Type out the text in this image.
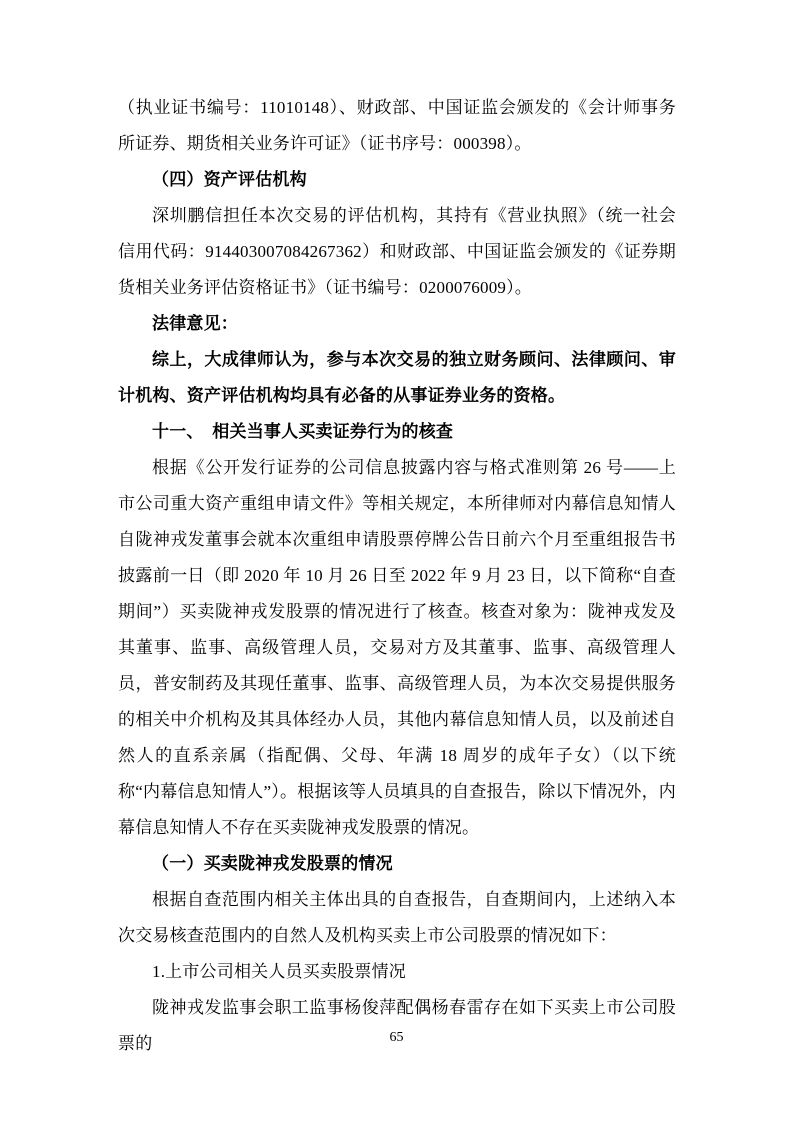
（执业证书编号：11010148）、财政部、中国证监会颁发的《会计师事务所证券、期货相关业务许可证》（证书序号：000398）。

（四）资产评估机构

深圳鹏信担任本次交易的评估机构，其持有《营业执照》（统一社会信用代码：914403007084267362）和财政部、中国证监会颁发的《证券期货相关业务评估资格证书》（证书编号：0200076009）。

法律意见：

综上，大成律师认为，参与本次交易的独立财务顾问、法律顾问、审计机构、资产评估机构均具有必备的从事证券业务的资格。

十一、　相关当事人买卖证券行为的核查

根据《公开发行证券的公司信息披露内容与格式准则第 26 号——上市公司重大资产重组申请文件》等相关规定，本所律师对内幕信息知情人自陇神戎发董事会就本次重组申请股票停牌公告日前六个月至重组报告书披露前一日（即 2020 年 10 月 26 日至 2022 年 9 月 23 日，以下简称“自查期间”）买卖陇神戎发股票的情况进行了核查。核查对象为：陇神戎发及其董事、监事、高级管理人员，交易对方及其董事、监事、高级管理人员，普安制药及其现任董事、监事、高级管理人员，为本次交易提供服务的相关中介机构及其具体经办人员，其他内幕信息知情人员，以及前述自然人的直系亲属（指配偶、父母、年满 18 周岁的成年子女）（以下统称“内幕信息知情人”）。根据该等人员填具的自查报告，除以下情况外，内幕信息知情人不存在买卖陇神戎发股票的情况。

（一）买卖陇神戎发股票的情况

根据自查范围内相关主体出具的自查报告，自查期间内，上述纳入本次交易核查范围内的自然人及机构买卖上市公司股票的情况如下：

1.上市公司相关人员买卖股票情况

陇神戎发监事会职工监事杨俊萍配偶杨春雷存在如下买卖上市公司股票的	65
